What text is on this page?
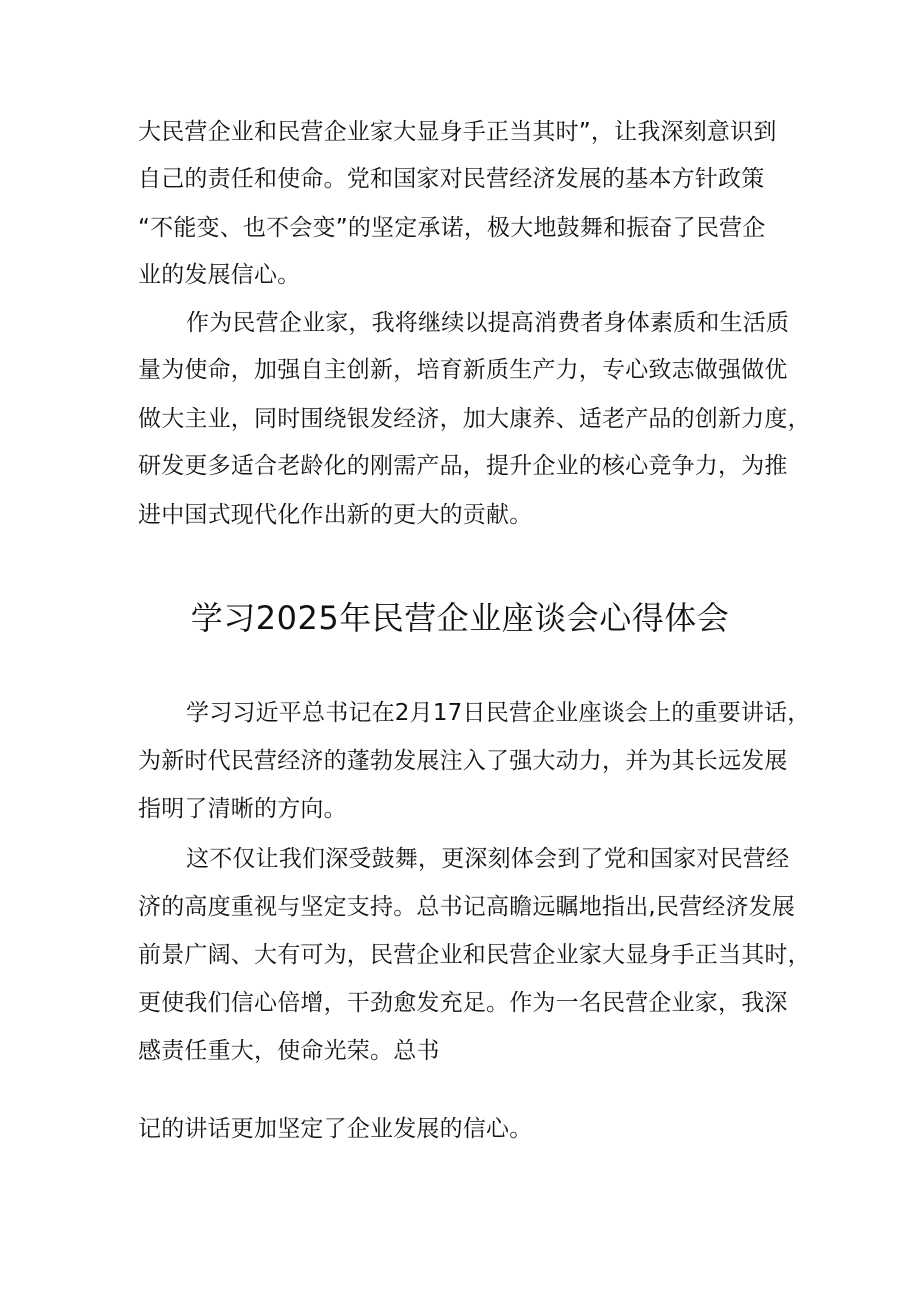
大民营企业和民营企业家大显身手正当其时”，让我深刻意识到
自己的责任和使命。党和国家对民营经济发展的基本方针政策
“不能变、也不会变”的坚定承诺，极大地鼓舞和振奋了民营企
业的发展信心。
作为民营企业家，我将继续以提高消费者身体素质和生活质
量为使命，加强自主创新，培育新质生产力，专心致志做强做优
做大主业，同时围绕银发经济，加大康养、适老产品的创新力度，
研发更多适合老龄化的刚需产品，提升企业的核心竞争力，为推
进中国式现代化作出新的更大的贡献。
学习2025年民营企业座谈会心得体会
学习习近平总书记在2月17日民营企业座谈会上的重要讲话，
为新时代民营经济的蓬勃发展注入了强大动力，并为其长远发展
指明了清晰的方向。
这不仅让我们深受鼓舞，更深刻体会到了党和国家对民营经
济的高度重视与坚定支持。总书记高瞻远瞩地指出,民营经济发展
前景广阔、大有可为，民营企业和民营企业家大显身手正当其时，
更使我们信心倍增，干劲愈发充足。作为一名民营企业家，我深
感责任重大，使命光荣。总书
记的讲话更加坚定了企业发展的信心。
